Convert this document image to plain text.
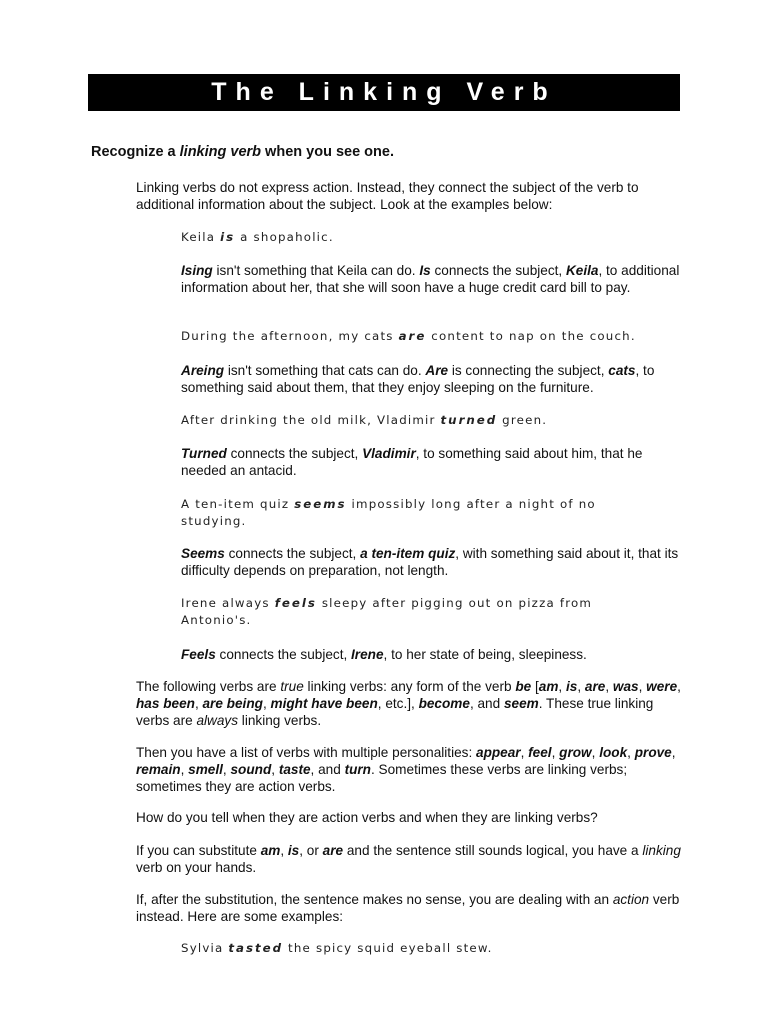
The Linking Verb
Recognize a linking verb when you see one.

Linking verbs do not express action. Instead, they connect the subject of the verb to additional information about the subject. Look at the examples below:

Keila is a shopaholic.

Ising isn't something that Keila can do. Is connects the subject, Keila, to additional information about her, that she will soon have a huge credit card bill to pay.

During the afternoon, my cats are content to nap on the couch.

Areing isn't something that cats can do. Are is connecting the subject, cats, to something said about them, that they enjoy sleeping on the furniture.

After drinking the old milk, Vladimir turned green.

Turned connects the subject, Vladimir, to something said about him, that he needed an antacid.

A ten-item quiz seems impossibly long after a night of no studying.

Seems connects the subject, a ten-item quiz, with something said about it, that its difficulty depends on preparation, not length.

Irene always feels sleepy after pigging out on pizza from Antonio's.

Feels connects the subject, Irene, to her state of being, sleepiness.

The following verbs are true linking verbs: any form of the verb be [am, is, are, was, were, has been, are being, might have been, etc.], become, and seem. These true linking verbs are always linking verbs.

Then you have a list of verbs with multiple personalities: appear, feel, grow, look, prove, remain, smell, sound, taste, and turn. Sometimes these verbs are linking verbs; sometimes they are action verbs.

How do you tell when they are action verbs and when they are linking verbs?

If you can substitute am, is, or are and the sentence still sounds logical, you have a linking verb on your hands.

If, after the substitution, the sentence makes no sense, you are dealing with an action verb instead. Here are some examples:

Sylvia tasted the spicy squid eyeball stew.
